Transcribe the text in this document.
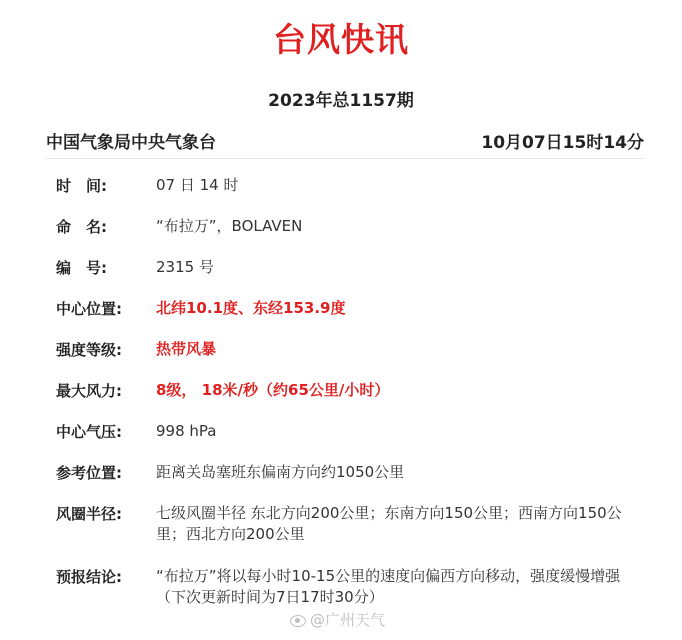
台风快讯
2023年总1157期
中国气象局中央气象台	10月07日15时14分
时　间:	07 日 14 时
命　名:	“布拉万”，BOLAVEN
编　号:	2315 号
中心位置:	北纬10.1度、东经153.9度
强度等级:	热带风暴
最大风力:	8级， 18米/秒（约65公里/小时）
中心气压:	998 hPa
参考位置:	距离关岛塞班东偏南方向约1050公里
风圈半径:	七级风圈半径 东北方向200公里；东南方向150公里；西南方向150公里；西北方向200公里
预报结论:	“布拉万”将以每小时10-15公里的速度向偏西方向移动，强度缓慢增强
（下次更新时间为7日17时30分）
@广州天气
